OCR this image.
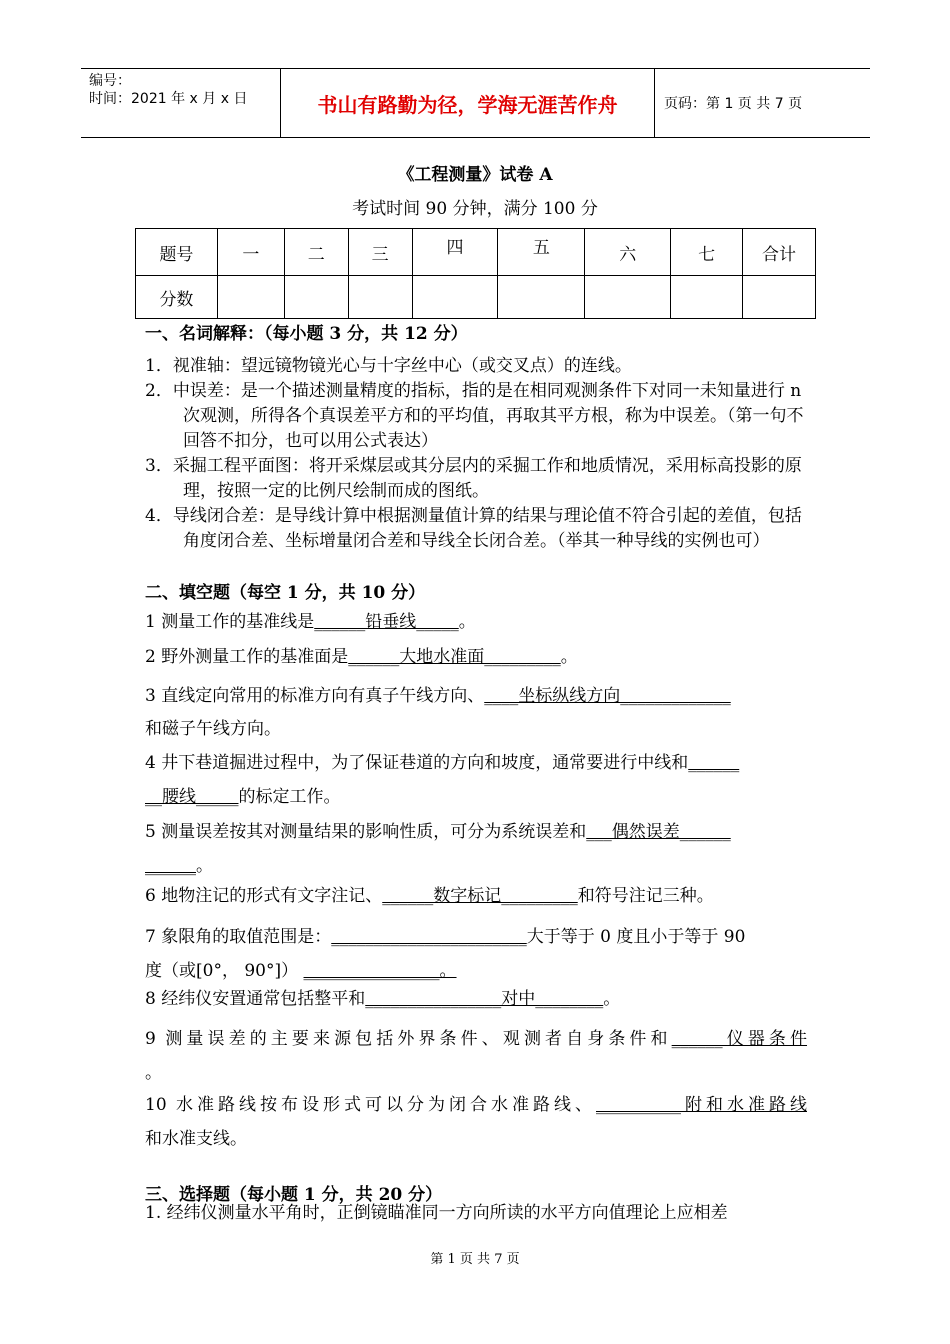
编号：
时间：2021 年 x 月 x 日	书山有路勤为径，学海无涯苦作舟	页码：第 1 页 共 7 页
《工程测量》试卷 A
考试时间 90 分钟，满分 100 分
题号	一	二	三	四	五	六	七	合计
分数								
一、名词解释：（每小题 3 分，共 12 分）
1．视准轴：望远镜物镜光心与十字丝中心（或交叉点）的连线。
2．中误差：是一个描述测量精度的指标，指的是在相同观测条件下对同一未知量进行 n 次观测，所得各个真误差平方和的平均值，再取其平方根，称为中误差。（第一句不回答不扣分，也可以用公式表达）
3．采掘工程平面图：将开采煤层或其分层内的采掘工作和地质情况，采用标高投影的原理，按照一定的比例尺绘制而成的图纸。
4．导线闭合差：是导线计算中根据测量值计算的结果与理论值不符合引起的差值，包括角度闭合差、坐标增量闭合差和导线全长闭合差。（举其一种导线的实例也可）
二、填空题（每空 1 分，共 10 分）
1 测量工作的基准线是______铅垂线_____。
2 野外测量工作的基准面是______大地水准面_________。
3 直线定向常用的标准方向有真子午线方向、____坐标纵线方向_____________
和磁子午线方向。
4 井下巷道掘进过程中，为了保证巷道的方向和坡度，通常要进行中线和______
__腰线_____的标定工作。
5 测量误差按其对测量结果的影响性质，可分为系统误差和___偶然误差______
______。
6 地物注记的形式有文字注记、______数字标记_________和符号注记三种。
7 象限角的取值范围是：_______________________大于等于 0 度且小于等于 90
度（或[0°， 90°]） ________________。
8 经纬仪安置通常包括整平和________________对中________。
9 测量误差的主要来源包括外界条件、观测者自身条件和______仪器条件
。
10 水准路线按布设形式可以分为闭合水准路线、__________附和水准路线
和水准支线。
三、选择题（每小题 1 分，共 20 分）
1. 经纬仪测量水平角时，正倒镜瞄准同一方向所读的水平方向值理论上应相差
第 1 页 共 7 页
